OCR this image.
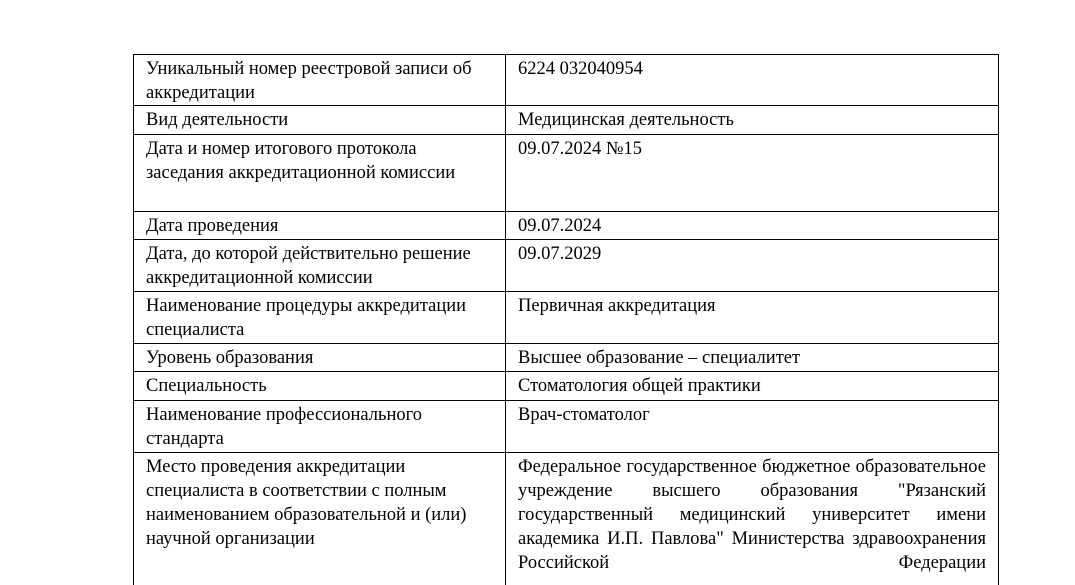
Уникальный номер реестровой записи об аккредитации	6224 032040954
Вид деятельности	Медицинская деятельность
Дата и номер итогового протокола заседания аккредитационной комиссии	09.07.2024 №15
Дата проведения	09.07.2024
Дата, до которой действительно решение аккредитационной комиссии	09.07.2029
Наименование процедуры аккредитации специалиста	Первичная аккредитация
Уровень образования	Высшее образование – специалитет
Специальность	Стоматология общей практики
Наименование профессионального стандарта	Врач-стоматолог
Место проведения аккредитации специалиста в соответствии с полным наименованием образовательной и (или) научной организации	Федеральное государственное бюджетное образовательное учреждение высшего образования "Рязанский государственный медицинский университет имени академика И.П. Павлова" Министерства здравоохранения Российской Федерации
